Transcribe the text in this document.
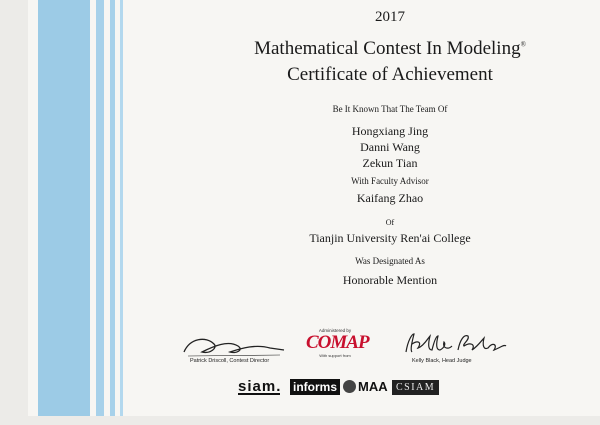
2017
Mathematical Contest In Modeling®
Certificate of Achievement
Be It Known That The Team Of
Hongxiang Jing
Danni Wang
Zekun Tian
With Faculty Advisor
Kaifang Zhao
Of
Tianjin University Ren'ai College
Was Designated As
Honorable Mention
Patrick Driscoll, Contest Director
Administered by
COMAP
With support from
Kelly Black, Head Judge
siam. informs	MAA CSIAM
